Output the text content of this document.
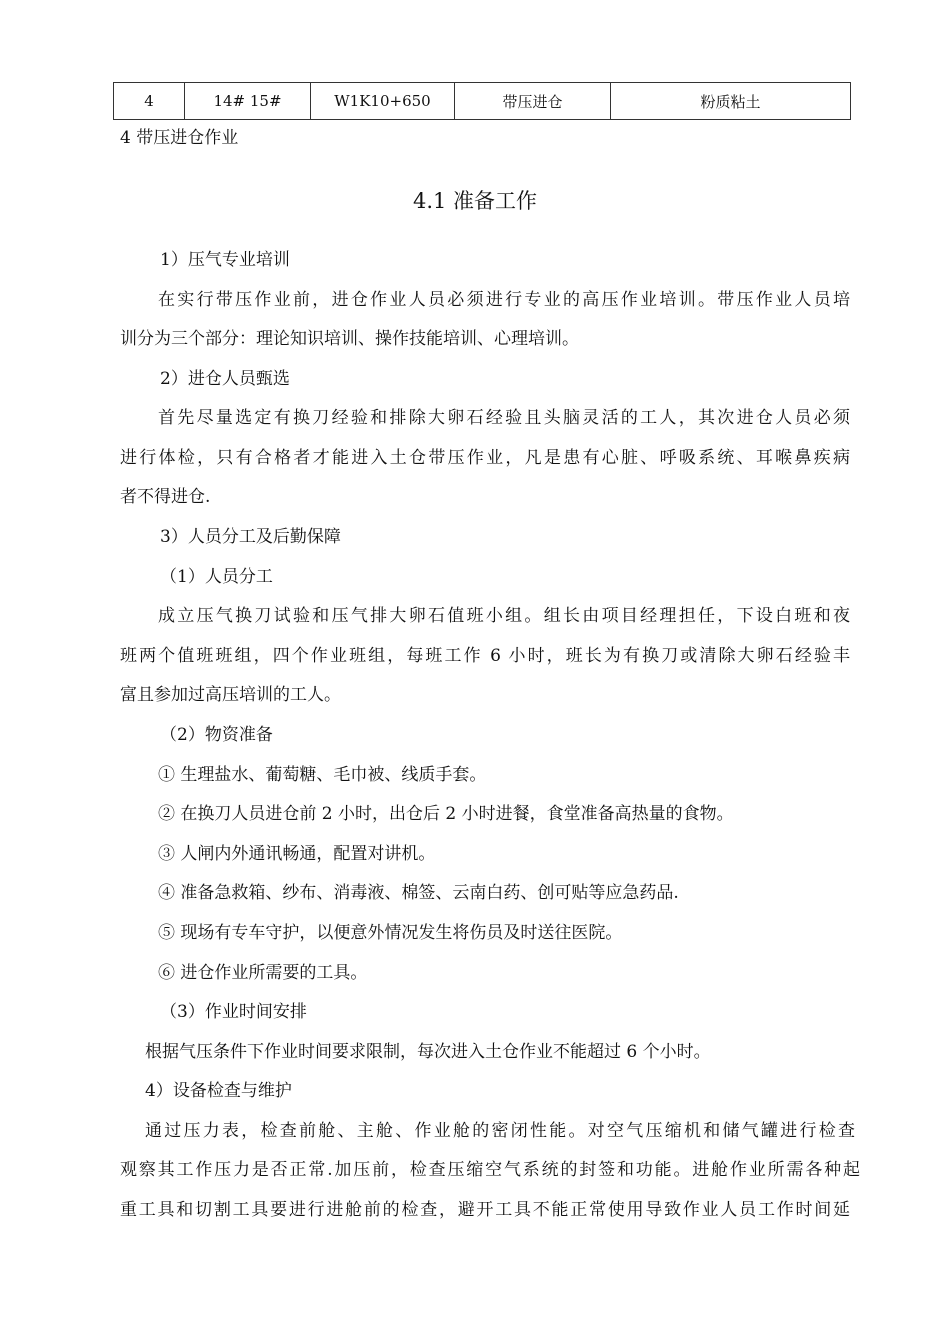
4	14# 15#	W1K10+650	带压进仓	粉质粘土
4 带压进仓作业
4.1 准备工作

1）压气专业培训

在实行带压作业前，进仓作业人员必须进行专业的高压作业培训。带压作业人员培

训分为三个部分：理论知识培训、操作技能培训、心理培训。

2）进仓人员甄选

首先尽量选定有换刀经验和排除大卵石经验且头脑灵活的工人，其次进仓人员必须

进行体检，只有合格者才能进入土仓带压作业，凡是患有心脏、呼吸系统、耳喉鼻疾病

者不得进仓.

3）人员分工及后勤保障

（1）人员分工

成立压气换刀试验和压气排大卵石值班小组。组长由项目经理担任，下设白班和夜

班两个值班班组，四个作业班组，每班工作 6 小时，班长为有换刀或清除大卵石经验丰

富且参加过高压培训的工人。

（2）物资准备

① 生理盐水、葡萄糖、毛巾被、线质手套。

② 在换刀人员进仓前 2 小时，出仓后 2 小时进餐，食堂准备高热量的食物。

③ 人闸内外通讯畅通，配置对讲机。

④ 准备急救箱、纱布、消毒液、棉签、云南白药、创可贴等应急药品.

⑤ 现场有专车守护，以便意外情况发生将伤员及时送往医院。

⑥ 进仓作业所需要的工具。

（3）作业时间安排

根据气压条件下作业时间要求限制，每次进入土仓作业不能超过 6 个小时。

4）设备检查与维护

通过压力表，检查前舱、主舱、作业舱的密闭性能。对空气压缩机和储气罐进行检查

观察其工作压力是否正常.加压前，检查压缩空气系统的封签和功能。进舱作业所需各种起

重工具和切割工具要进行进舱前的检查，避开工具不能正常使用导致作业人员工作时间延
